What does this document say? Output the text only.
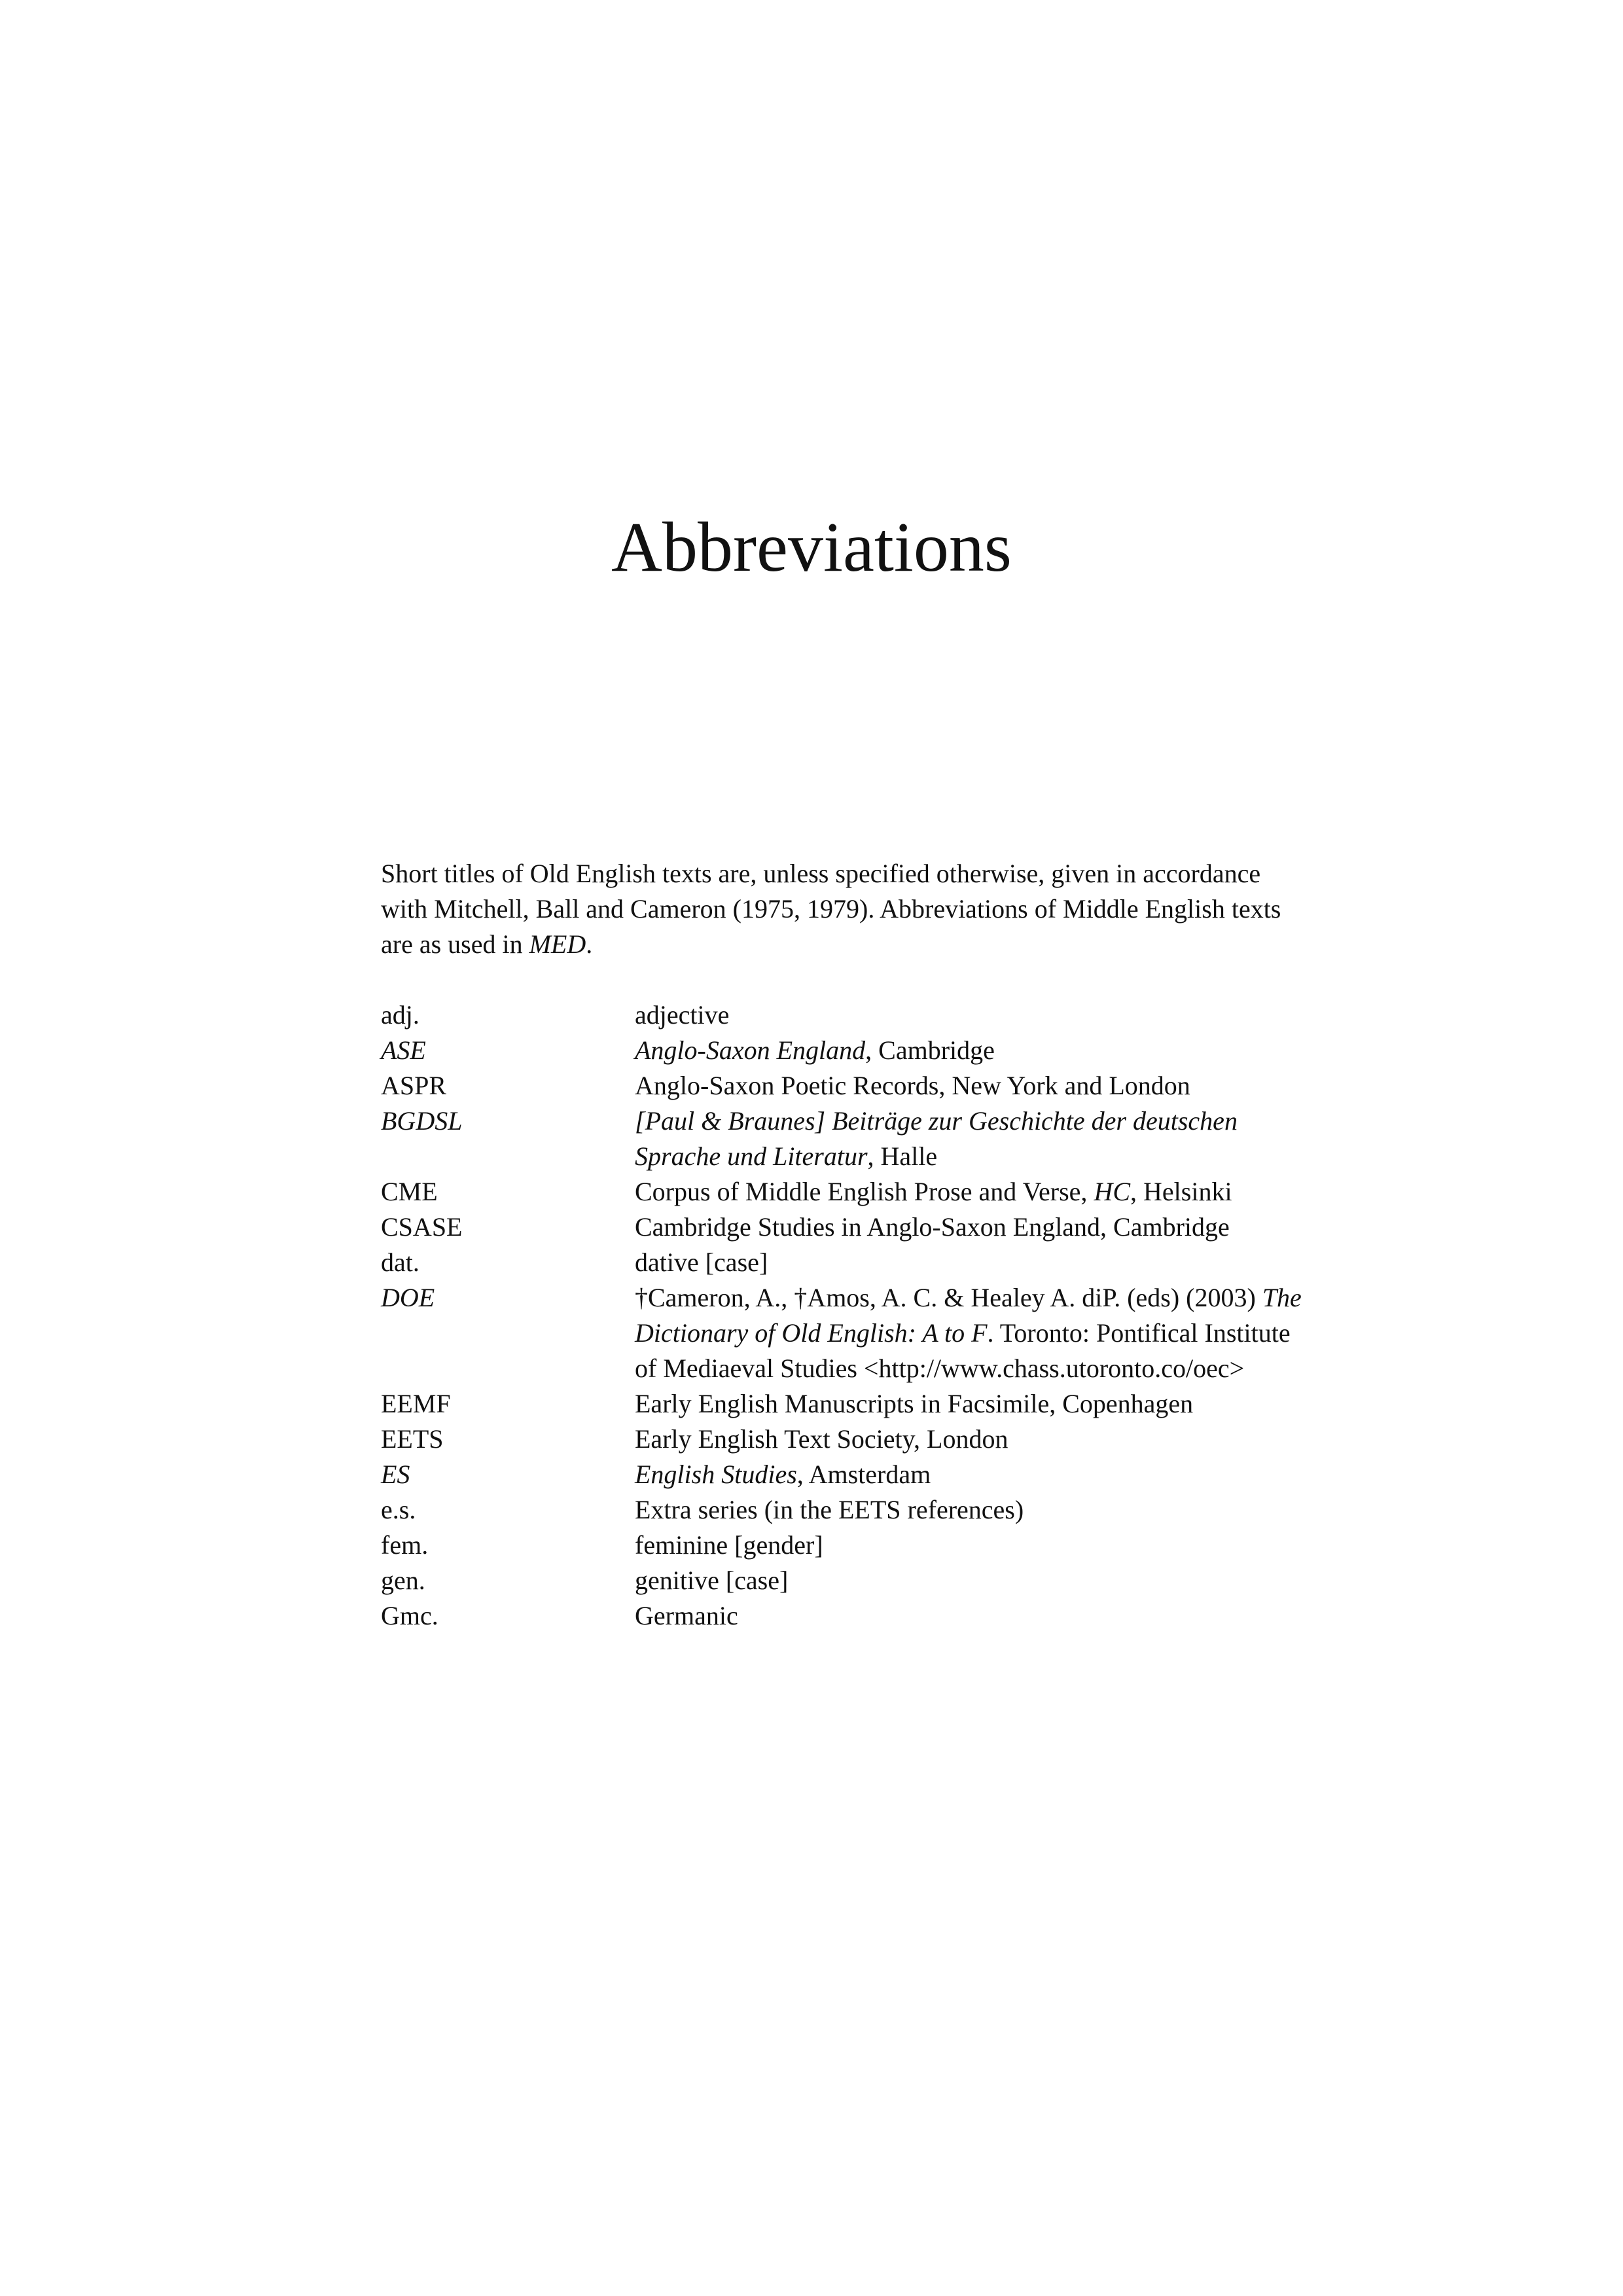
Abbreviations

Short titles of Old English texts are, unless specified otherwise, given in accordance with Mitchell, Ball and Cameron (1975, 1979). Abbreviations of Middle English texts are as used in MED.

adj.	adjective
ASE	Anglo-Saxon England, Cambridge
ASPR	Anglo-Saxon Poetic Records, New York and London
BGDSL	[Paul & Braunes] Beiträge zur Geschichte der deutschen Sprache und Literatur, Halle
CME	Corpus of Middle English Prose and Verse, HC, Helsinki
CSASE	Cambridge Studies in Anglo-Saxon England, Cambridge
dat.	dative [case]
DOE	†Cameron, A., †Amos, A. C. & Healey A. diP. (eds) (2003) The Dictionary of Old English: A to F. Toronto: Pontifical Institute of Mediaeval Studies <http://www.chass.utoronto.co/oec>
EEMF	Early English Manuscripts in Facsimile, Copenhagen
EETS	Early English Text Society, London
ES	English Studies, Amsterdam
e.s.	Extra series (in the EETS references)
fem.	feminine [gender]
gen.	genitive [case]
Gmc.	Germanic
